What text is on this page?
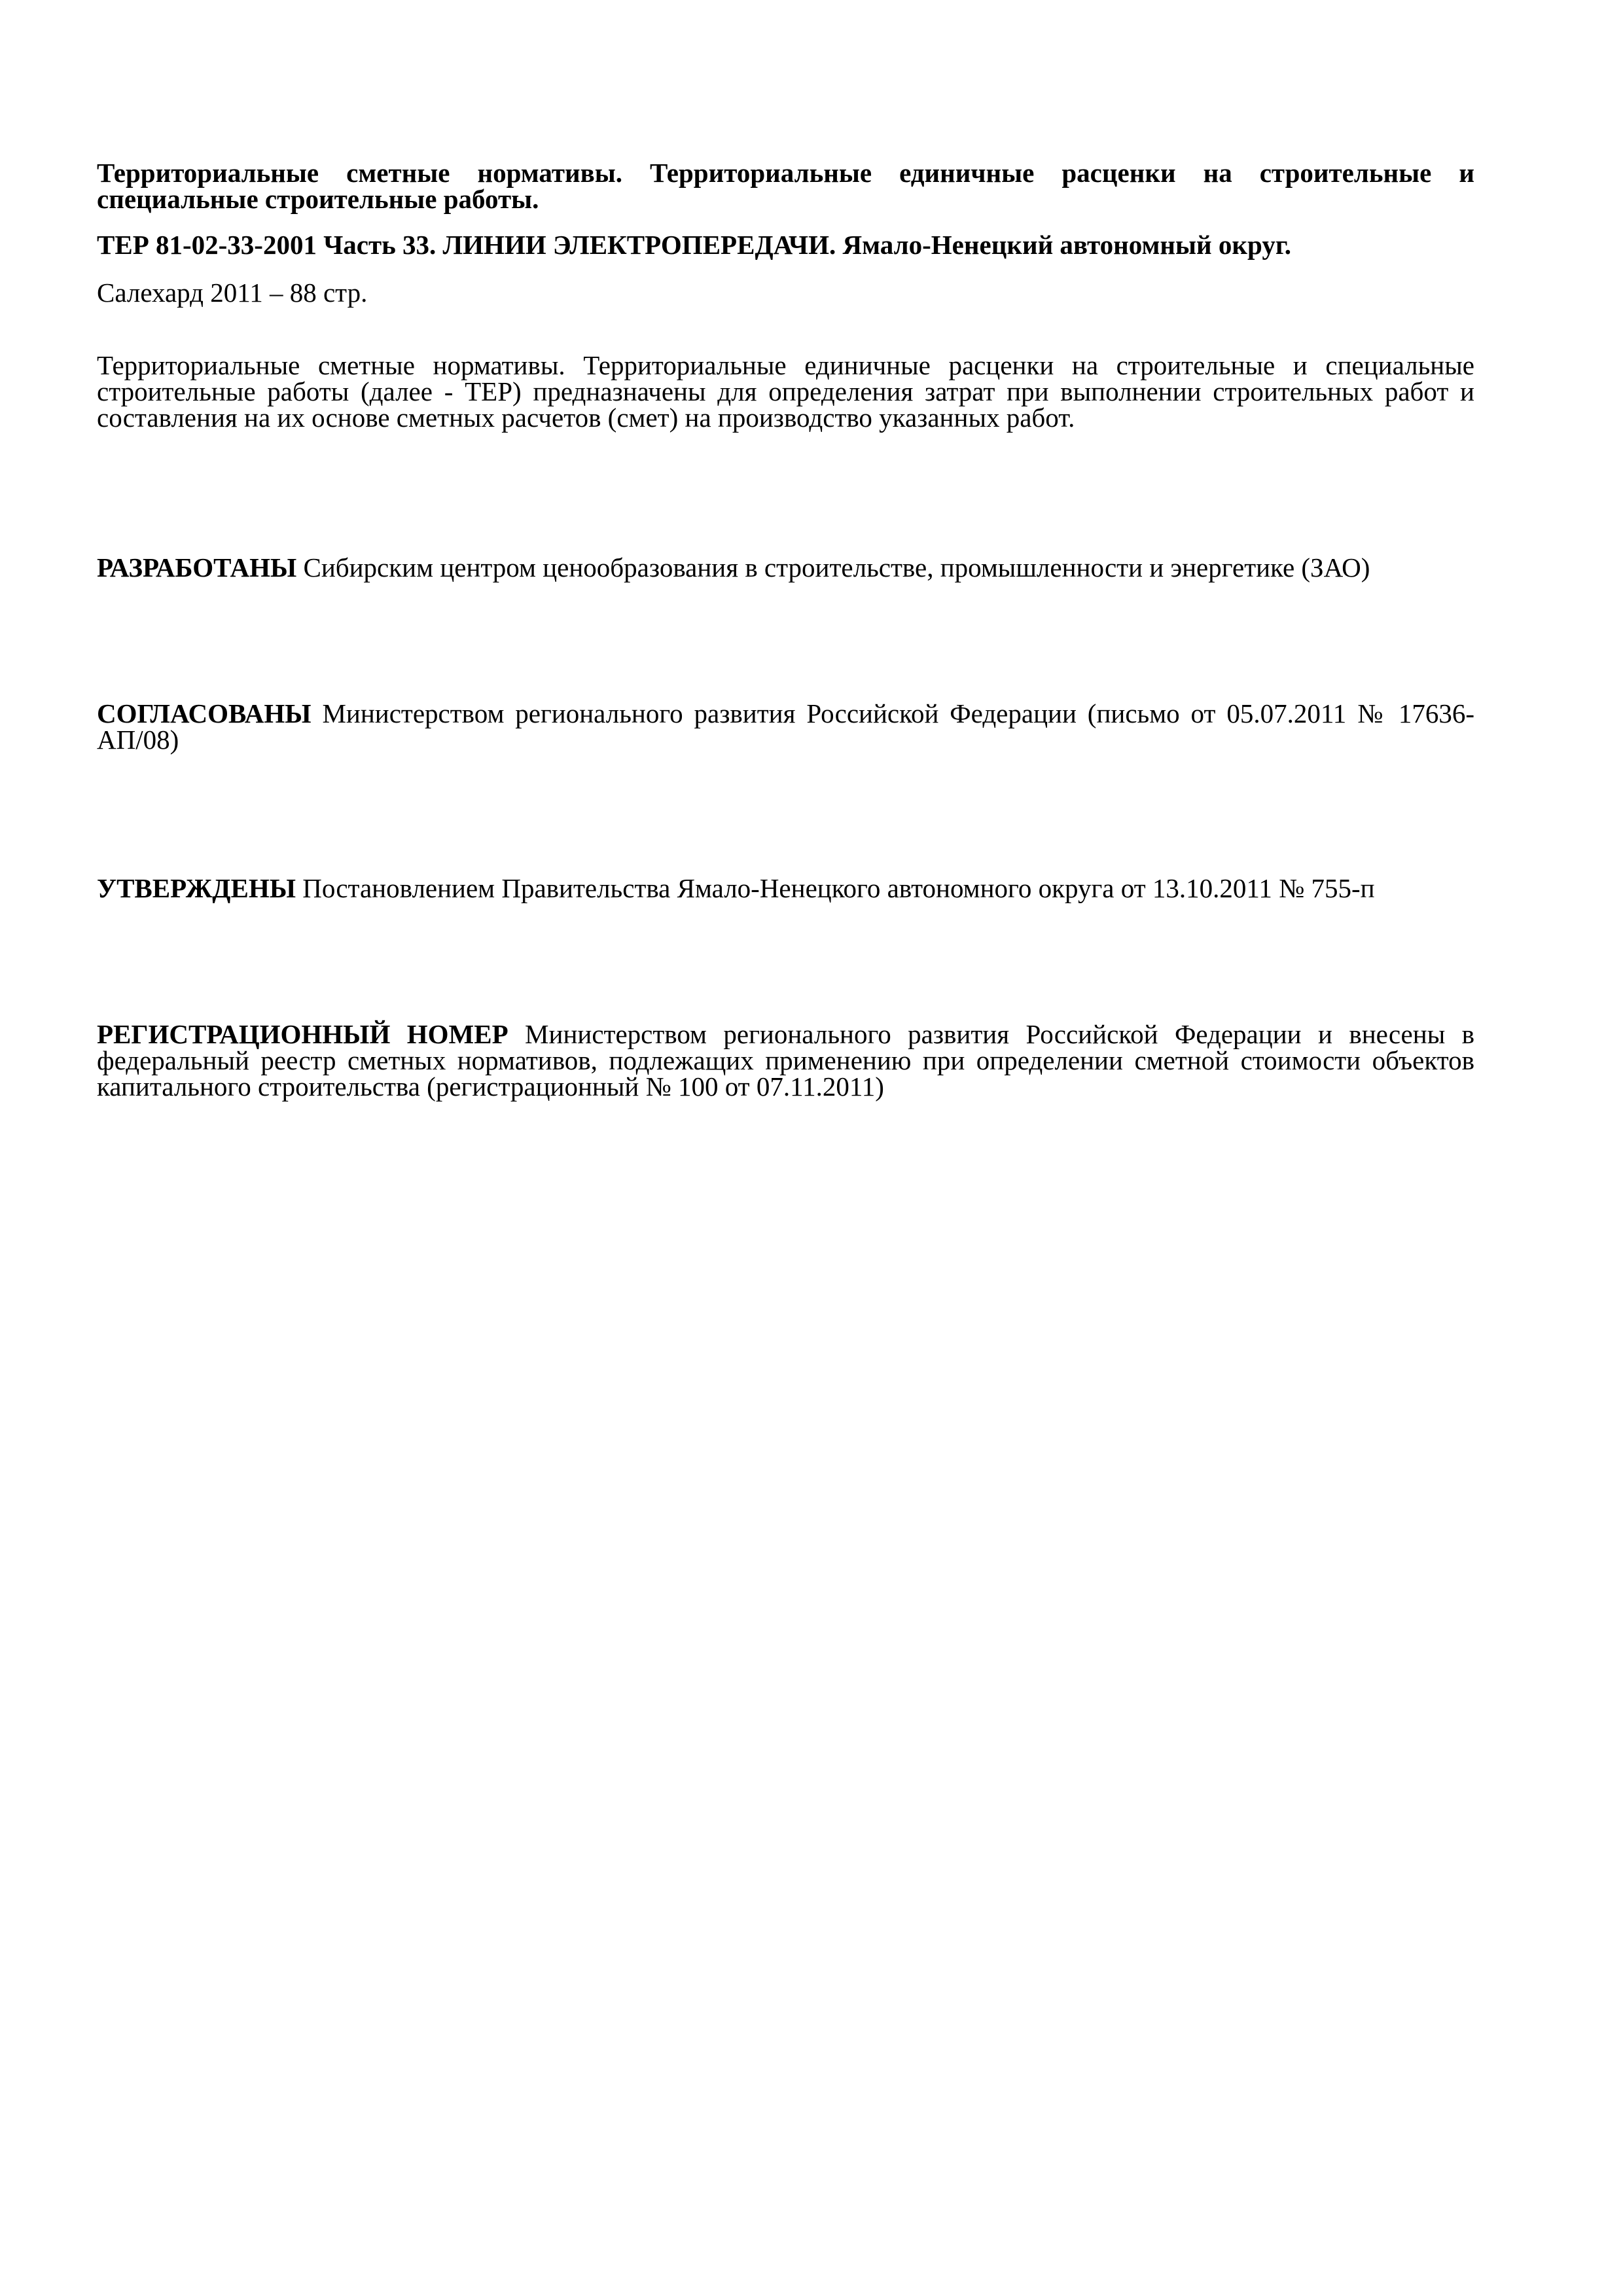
Территориальные сметные нормативы. Территориальные единичные расценки на строительные и специальные строительные работы.
ТЕР 81-02-33-2001 Часть 33. ЛИНИИ ЭЛЕКТРОПЕРЕДАЧИ. Ямало-Ненецкий автономный округ.
Салехард 2011 – 88 стр.
Территориальные сметные нормативы. Территориальные единичные расценки на строительные и специальные строительные работы (далее - ТЕР) предназначены для определения затрат при выполнении строительных работ и составления на их основе сметных расчетов (смет) на производство указанных работ.
РАЗРАБОТАНЫ Сибирским центром ценообразования в строительстве, промышленности и энергетике (ЗАО)
СОГЛАСОВАНЫ Министерством регионального развития Российской Федерации (письмо от 05.07.2011 № 17636-АП/08)
УТВЕРЖДЕНЫ Постановлением Правительства Ямало-Ненецкого автономного округа от 13.10.2011 № 755-п
РЕГИСТРАЦИОННЫЙ НОМЕР Министерством регионального развития Российской Федерации и внесены в федеральный реестр сметных нормативов, подлежащих применению при определении сметной стоимости объектов капитального строительства (регистрационный № 100 от 07.11.2011)
